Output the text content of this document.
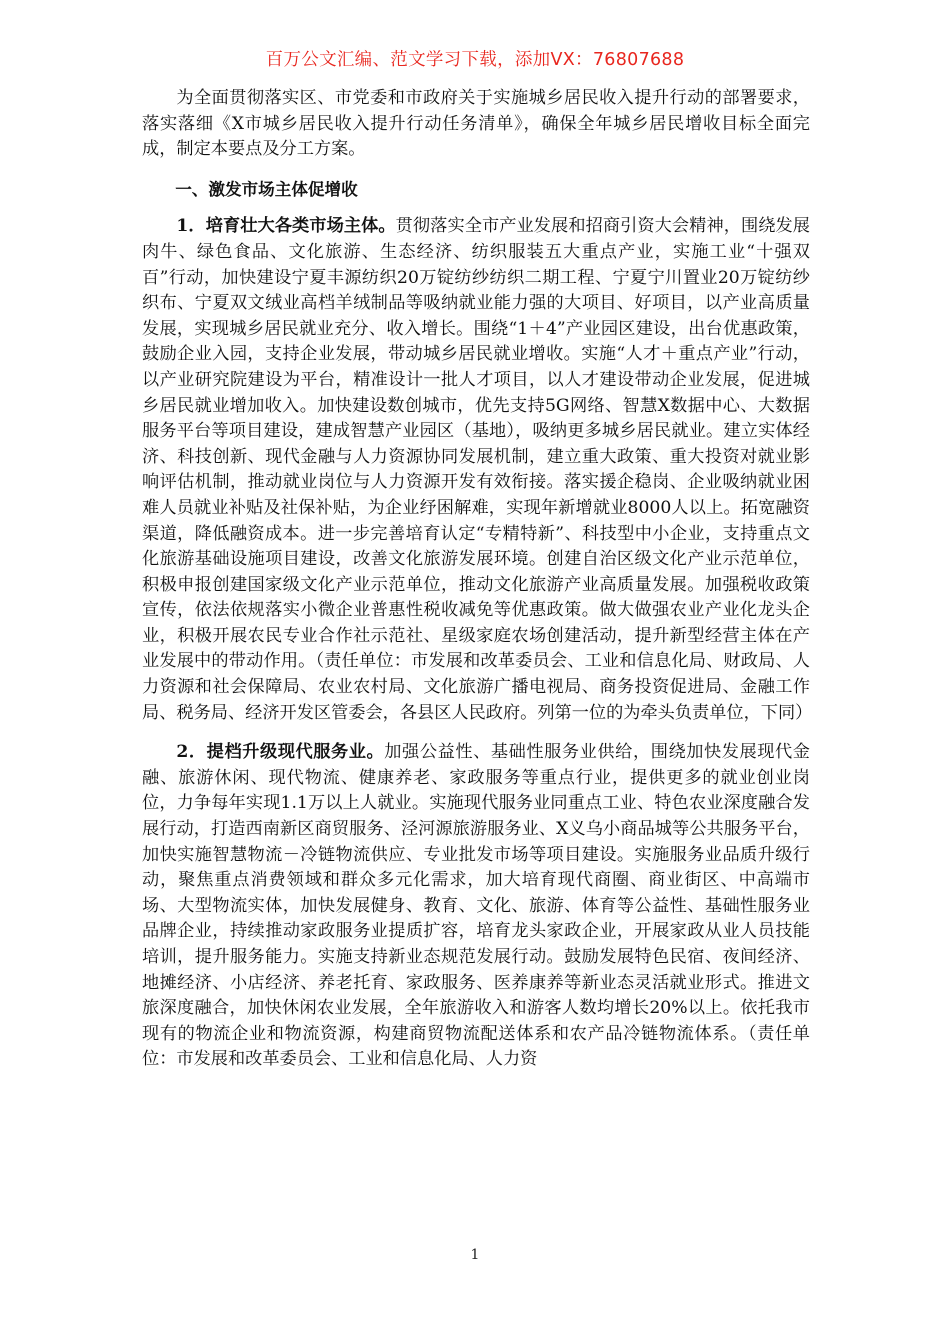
百万公文汇编、范文学习下载，添加VX：76807688

为全面贯彻落实区、市党委和市政府关于实施城乡居民收入提升行动的部署要求，落实落细《X市城乡居民收入提升行动任务清单》，确保全年城乡居民增收目标全面完成，制定本要点及分工方案。

一、激发市场主体促增收

1．培育壮大各类市场主体。贯彻落实全市产业发展和招商引资大会精神，围绕发展肉牛、绿色食品、文化旅游、生态经济、纺织服装五大重点产业，实施工业“十强双百”行动，加快建设宁夏丰源纺织20万锭纺纱纺织二期工程、宁夏宁川置业20万锭纺纱织布、宁夏双文绒业高档羊绒制品等吸纳就业能力强的大项目、好项目，以产业高质量发展，实现城乡居民就业充分、收入增长。围绕“1＋4”产业园区建设，出台优惠政策，鼓励企业入园，支持企业发展，带动城乡居民就业增收。实施“人才＋重点产业”行动，以产业研究院建设为平台，精准设计一批人才项目，以人才建设带动企业发展，促进城乡居民就业增加收入。加快建设数创城市，优先支持5G网络、智慧X数据中心、大数据服务平台等项目建设，建成智慧产业园区（基地），吸纳更多城乡居民就业。建立实体经济、科技创新、现代金融与人力资源协同发展机制，建立重大政策、重大投资对就业影响评估机制，推动就业岗位与人力资源开发有效衔接。落实援企稳岗、企业吸纳就业困难人员就业补贴及社保补贴，为企业纾困解难，实现年新增就业8000人以上。拓宽融资渠道，降低融资成本。进一步完善培育认定“专精特新”、科技型中小企业，支持重点文化旅游基础设施项目建设，改善文化旅游发展环境。创建自治区级文化产业示范单位，积极申报创建国家级文化产业示范单位，推动文化旅游产业高质量发展。加强税收政策宣传，依法依规落实小微企业普惠性税收减免等优惠政策。做大做强农业产业化龙头企业，积极开展农民专业合作社示范社、星级家庭农场创建活动，提升新型经营主体在产业发展中的带动作用。（责任单位：市发展和改革委员会、工业和信息化局、财政局、人力资源和社会保障局、农业农村局、文化旅游广播电视局、商务投资促进局、金融工作局、税务局、经济开发区管委会，各县区人民政府。列第一位的为牵头负责单位，下同）

2．提档升级现代服务业。加强公益性、基础性服务业供给，围绕加快发展现代金融、旅游休闲、现代物流、健康养老、家政服务等重点行业，提供更多的就业创业岗位，力争每年实现1.1万以上人就业。实施现代服务业同重点工业、特色农业深度融合发展行动，打造西南新区商贸服务、泾河源旅游服务业、X义乌小商品城等公共服务平台，加快实施智慧物流－冷链物流供应、专业批发市场等项目建设。实施服务业品质升级行动，聚焦重点消费领域和群众多元化需求，加大培育现代商圈、商业街区、中高端市场、大型物流实体，加快发展健身、教育、文化、旅游、体育等公益性、基础性服务业品牌企业，持续推动家政服务业提质扩容，培育龙头家政企业，开展家政从业人员技能培训，提升服务能力。实施支持新业态规范发展行动。鼓励发展特色民宿、夜间经济、地摊经济、小店经济、养老托育、家政服务、医养康养等新业态灵活就业形式。推进文旅深度融合，加快休闲农业发展，全年旅游收入和游客人数均增长20%以上。依托我市现有的物流企业和物流资源，构建商贸物流配送体系和农产品冷链物流体系。（责任单位：市发展和改革委员会、工业和信息化局、人力资

1
